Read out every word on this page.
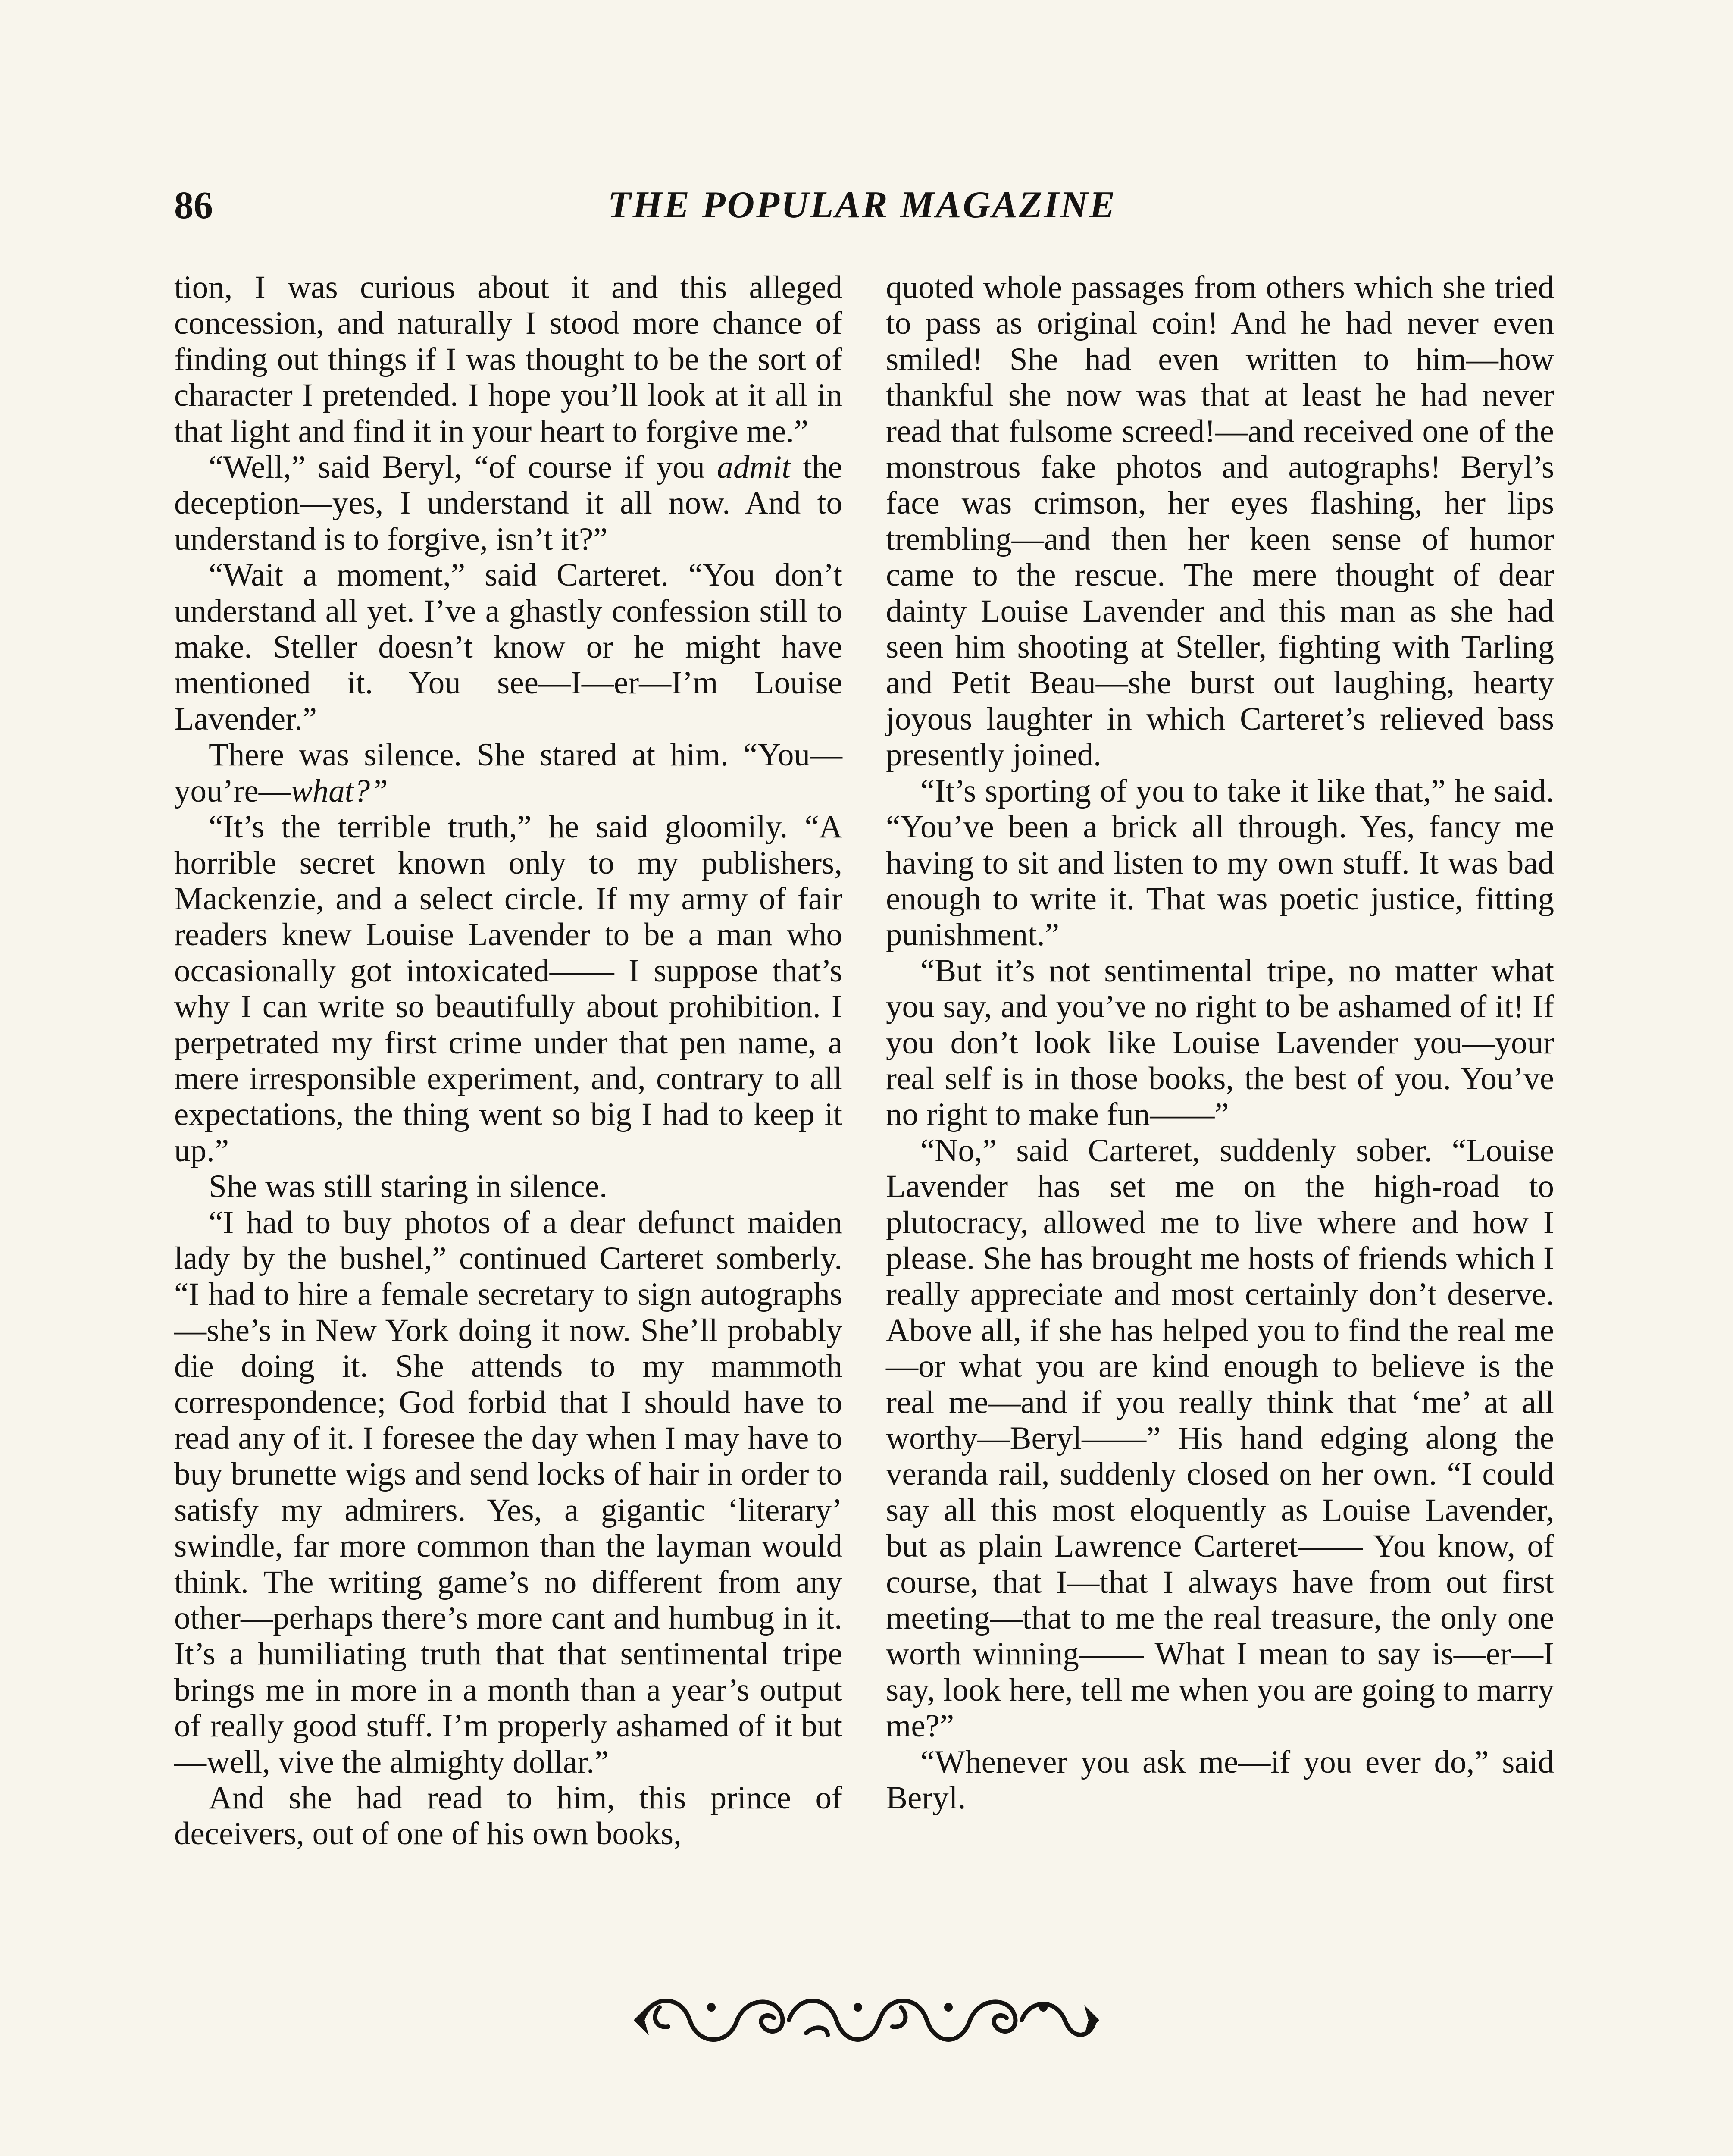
86	THE POPULAR MAGAZINE

tion, I was curious about it and this alleged concession, and naturally I stood more chance of finding out things if I was thought to be the sort of character I pretended. I hope you’ll look at it all in that light and find it in your heart to forgive me.”

“Well,” said Beryl, “of course if you admit the deception—yes, I understand it all now. And to understand is to forgive, isn’t it?”

“Wait a moment,” said Carteret. “You don’t understand all yet. I’ve a ghastly confession still to make. Steller doesn’t know or he might have mentioned it. You see—I—er—I’m Louise Lavender.”

There was silence. She stared at him. “You—you’re—what?”

“It’s the terrible truth,” he said gloomily. “A horrible secret known only to my publishers, Mackenzie, and a select circle. If my army of fair readers knew Louise Lavender to be a man who occasionally got intoxicated—— I suppose that’s why I can write so beautifully about prohibition. I perpetrated my first crime under that pen name, a mere irresponsible experiment, and, contrary to all expectations, the thing went so big I had to keep it up.”

She was still staring in silence.

“I had to buy photos of a dear defunct maiden lady by the bushel,” continued Carteret somberly. “I had to hire a female secretary to sign autographs—she’s in New York doing it now. She’ll probably die doing it. She attends to my mammoth correspondence; God forbid that I should have to read any of it. I foresee the day when I may have to buy brunette wigs and send locks of hair in order to satisfy my admirers. Yes, a gigantic ‘literary’ swindle, far more common than the layman would think. The writing game’s no different from any other—perhaps there’s more cant and humbug in it. It’s a humiliating truth that that sentimental tripe brings me in more in a month than a year’s output of really good stuff. I’m properly ashamed of it but—well, vive the almighty dollar.”

And she had read to him, this prince of deceivers, out of one of his own books,

quoted whole passages from others which she tried to pass as original coin! And he had never even smiled! She had even written to him—how thankful she now was that at least he had never read that fulsome screed!—and received one of the monstrous fake photos and autographs! Beryl’s face was crimson, her eyes flashing, her lips trembling—and then her keen sense of humor came to the rescue. The mere thought of dear dainty Louise Lavender and this man as she had seen him shooting at Steller, fighting with Tarling and Petit Beau—she burst out laughing, hearty joyous laughter in which Carteret’s relieved bass presently joined.

“It’s sporting of you to take it like that,” he said. “You’ve been a brick all through. Yes, fancy me having to sit and listen to my own stuff. It was bad enough to write it. That was poetic justice, fitting punishment.”

“But it’s not sentimental tripe, no matter what you say, and you’ve no right to be ashamed of it! If you don’t look like Louise Lavender you—your real self is in those books, the best of you. You’ve no right to make fun——”

“No,” said Carteret, suddenly sober. “Louise Lavender has set me on the high-road to plutocracy, allowed me to live where and how I please. She has brought me hosts of friends which I really appreciate and most certainly don’t deserve. Above all, if she has helped you to find the real me—or what you are kind enough to believe is the real me—and if you really think that ‘me’ at all worthy—Beryl——” His hand edging along the veranda rail, suddenly closed on her own. “I could say all this most eloquently as Louise Lavender, but as plain Lawrence Carteret—— You know, of course, that I—that I always have from out first meeting—that to me the real treasure, the only one worth winning—— What I mean to say is—er—I say, look here, tell me when you are going to marry me?”

“Whenever you ask me—if you ever do,” said Beryl.
